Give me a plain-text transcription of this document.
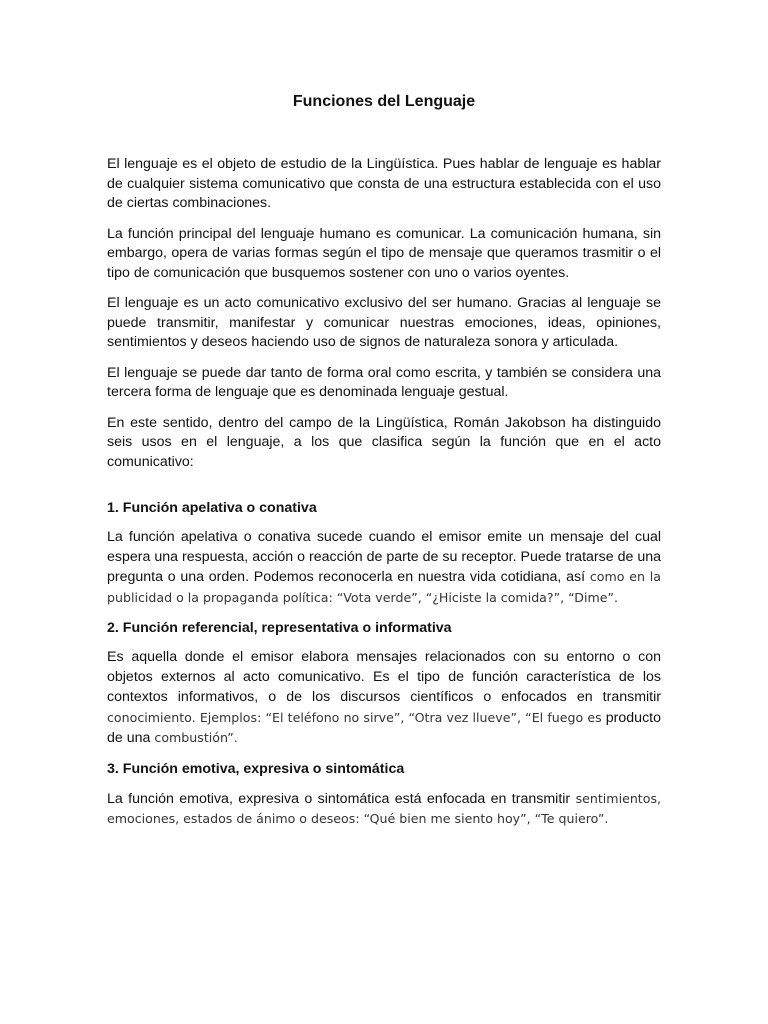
Funciones del Lenguaje

El lenguaje es el objeto de estudio de la Lingüística. Pues hablar de lenguaje es hablar de cualquier sistema comunicativo que consta de una estructura establecida con el uso de ciertas combinaciones.

La función principal del lenguaje humano es comunicar. La comunicación humana, sin embargo, opera de varias formas según el tipo de mensaje que queramos trasmitir o el tipo de comunicación que busquemos sostener con uno o varios oyentes.

El lenguaje es un acto comunicativo exclusivo del ser humano. Gracias al lenguaje se puede transmitir, manifestar y comunicar nuestras emociones, ideas, opiniones, sentimientos y deseos haciendo uso de signos de naturaleza sonora y articulada.

El lenguaje se puede dar tanto de forma oral como escrita, y también se considera una tercera forma de lenguaje que es denominada lenguaje gestual.

En este sentido, dentro del campo de la Lingüística, Román Jakobson ha distinguido seis usos en el lenguaje, a los que clasifica según la función que en el acto comunicativo:

1. Función apelativa o conativa

La función apelativa o conativa sucede cuando el emisor emite un mensaje del cual espera una respuesta, acción o reacción de parte de su receptor. Puede tratarse de una pregunta o una orden. Podemos reconocerla en nuestra vida cotidiana, así como en la publicidad o la propaganda política: “Vota verde”, “¿Hiciste la comida?”, “Dime”.

2. Función referencial, representativa o informativa

Es aquella donde el emisor elabora mensajes relacionados con su entorno o con objetos externos al acto comunicativo. Es el tipo de función característica de los contextos informativos, o de los discursos científicos o enfocados en transmitir conocimiento. Ejemplos: “El teléfono no sirve”, “Otra vez llueve”, “El fuego es producto de una combustión”.

3. Función emotiva, expresiva o sintomática

La función emotiva, expresiva o sintomática está enfocada en transmitir sentimientos, emociones, estados de ánimo o deseos: “Qué bien me siento hoy”, “Te quiero”.
